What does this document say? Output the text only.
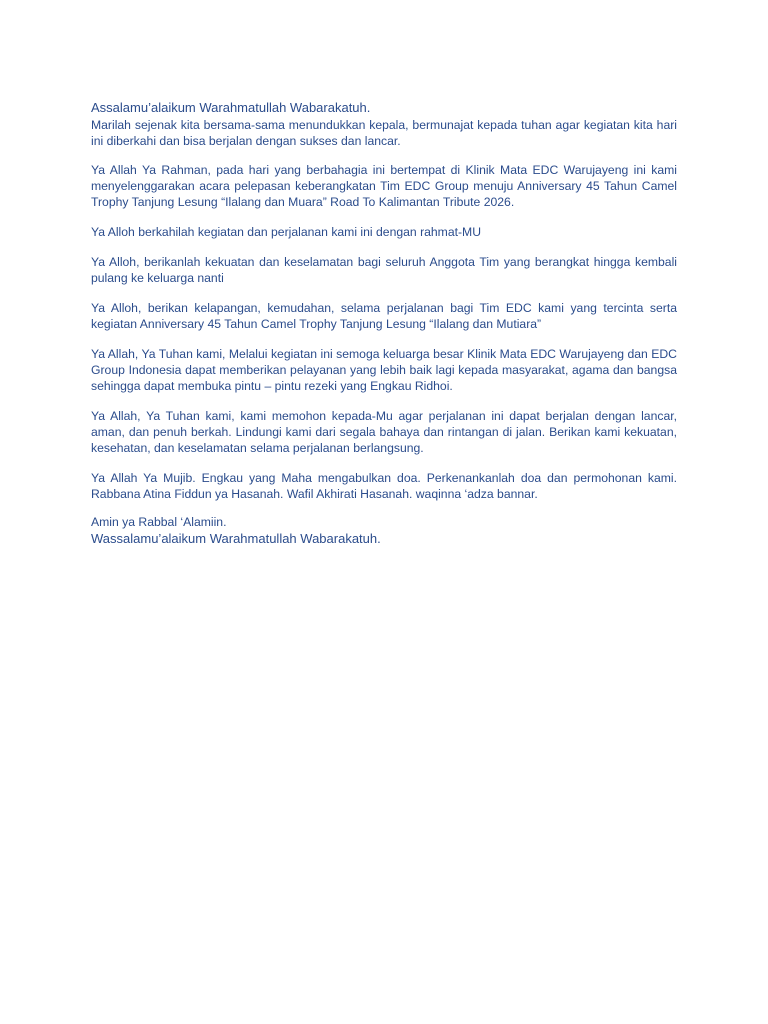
Assalamu’alaikum Warahmatullah Wabarakatuh.

Marilah sejenak kita bersama-sama menundukkan kepala, bermunajat kepada tuhan agar kegiatan kita hari ini diberkahi dan bisa berjalan dengan sukses dan lancar.

Ya Allah Ya Rahman, pada hari yang berbahagia ini bertempat di Klinik Mata EDC Warujayeng ini kami menyelenggarakan acara pelepasan keberangkatan Tim EDC Group menuju Anniversary 45 Tahun Camel Trophy Tanjung Lesung “Ilalang dan Muara” Road To Kalimantan Tribute 2026.

Ya Alloh berkahilah kegiatan dan perjalanan kami ini dengan rahmat-MU

Ya Alloh, berikanlah kekuatan dan keselamatan bagi seluruh Anggota Tim yang berangkat hingga kembali pulang ke keluarga nanti

Ya Alloh, berikan kelapangan, kemudahan, selama perjalanan bagi Tim EDC kami yang tercinta serta kegiatan Anniversary 45 Tahun Camel Trophy Tanjung Lesung “Ilalang dan Mutiara”

Ya Allah, Ya Tuhan kami, Melalui kegiatan ini semoga keluarga besar Klinik Mata EDC Warujayeng dan EDC Group Indonesia dapat memberikan pelayanan yang lebih baik lagi kepada masyarakat, agama dan bangsa sehingga dapat membuka pintu – pintu rezeki yang Engkau Ridhoi.

Ya Allah, Ya Tuhan kami, kami memohon kepada-Mu agar perjalanan ini dapat berjalan dengan lancar, aman, dan penuh berkah. Lindungi kami dari segala bahaya dan rintangan di jalan. Berikan kami kekuatan, kesehatan, dan keselamatan selama perjalanan berlangsung.

Ya Allah Ya Mujib. Engkau yang Maha mengabulkan doa. Perkenankanlah doa dan permohonan kami. Rabbana Atina Fiddun ya Hasanah. Wafil Akhirati Hasanah. waqinna ‘adza bannar.

Amin ya Rabbal ‘Alamiin.

Wassalamu’alaikum Warahmatullah Wabarakatuh.
